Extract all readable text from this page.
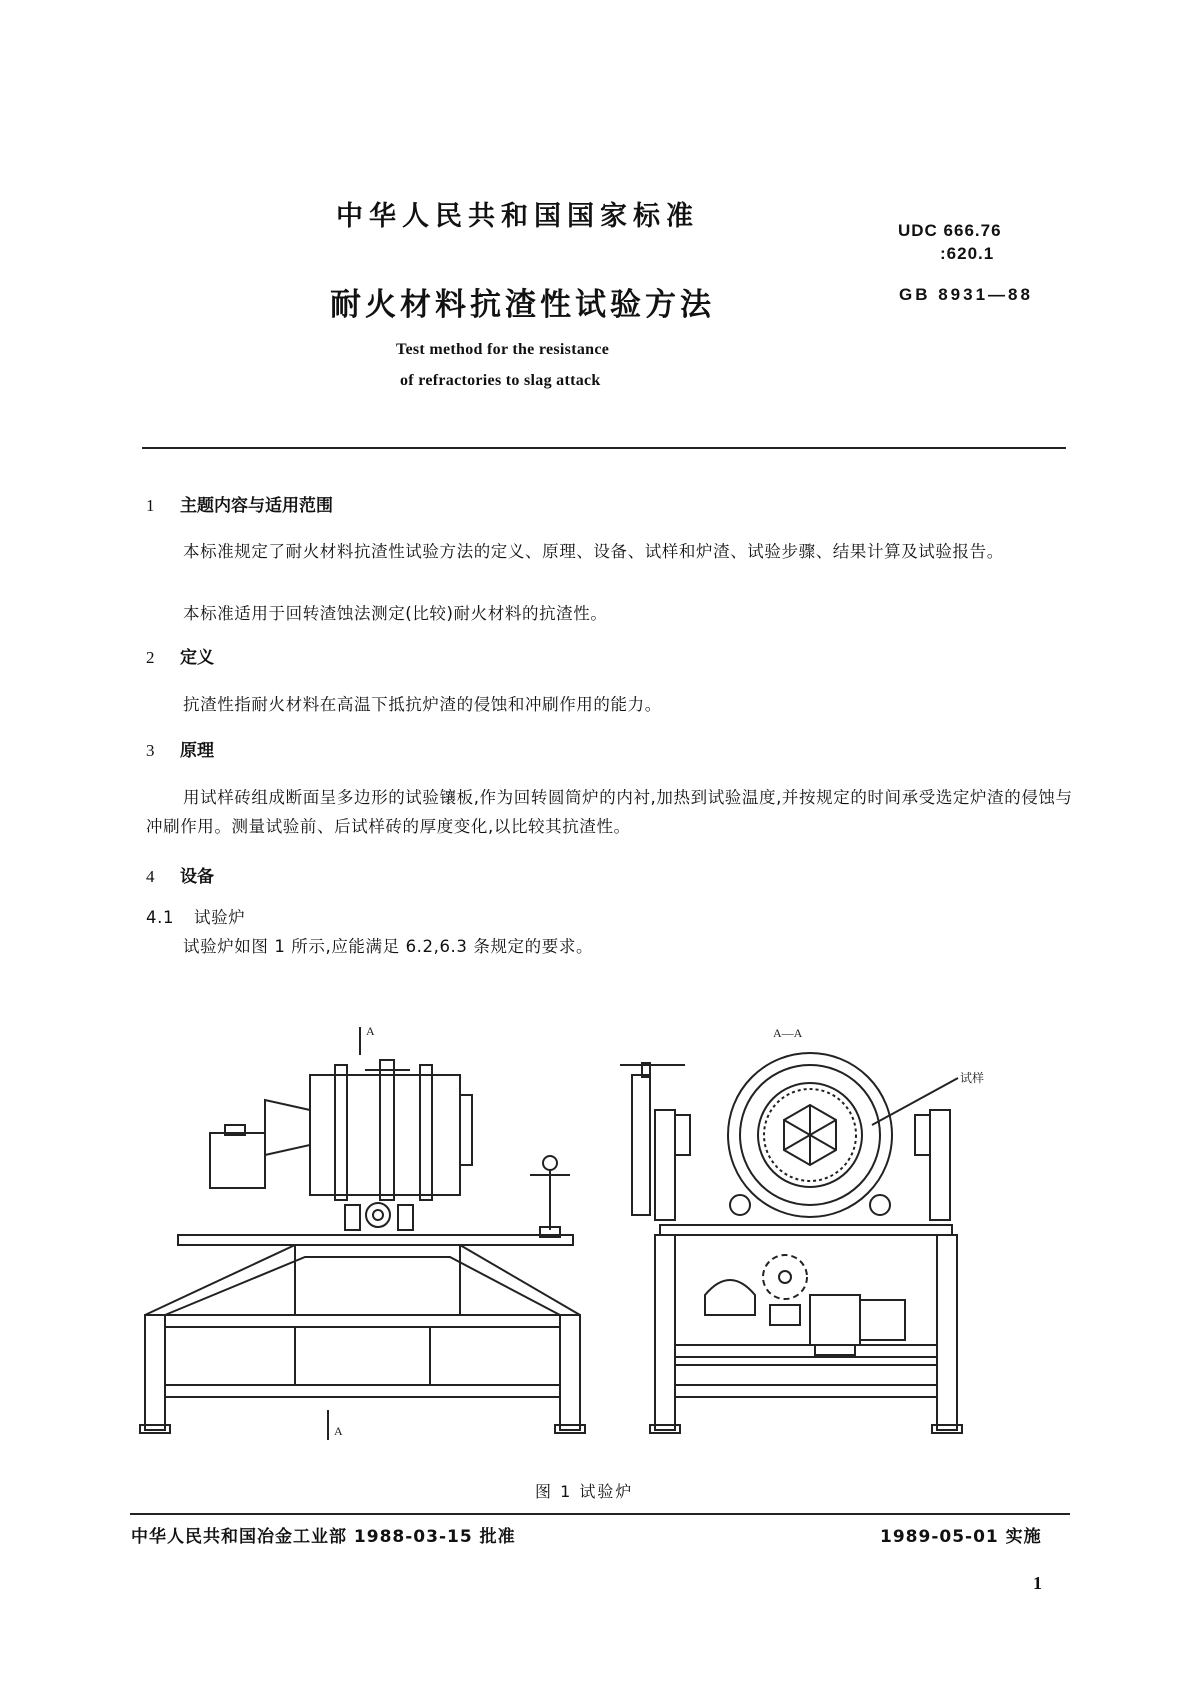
中华人民共和国国家标准
耐火材料抗渣性试验方法
Test method for the resistance
of refractories to slag attack
UDC 666.76
:620.1
GB 8931—88
1 主题内容与适用范围
本标准规定了耐火材料抗渣性试验方法的定义、原理、设备、试样和炉渣、试验步骤、结果计算及试验报告。
本标准适用于回转渣蚀法测定(比较)耐火材料的抗渣性。
2 定义
抗渣性指耐火材料在高温下抵抗炉渣的侵蚀和冲刷作用的能力。
3 原理
用试样砖组成断面呈多边形的试验镶板,作为回转圆筒炉的内衬,加热到试验温度,并按规定的时间承受选定炉渣的侵蚀与冲刷作用。测量试验前、后试样砖的厚度变化,以比较其抗渣性。
4 设备
4.1 试验炉
试验炉如图 1 所示,应能满足 6.2,6.3 条规定的要求。
A
A
A—A
试样
图 1 试验炉
中华人民共和国冶金工业部 1988-03-15 批准	1989-05-01 实施
1
